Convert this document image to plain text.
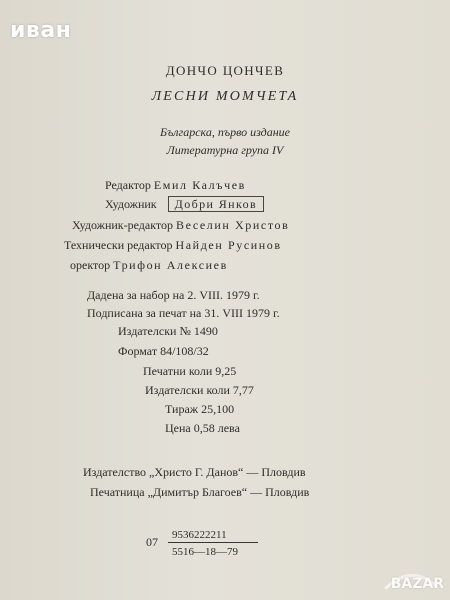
иван
ДОНЧО ЦОНЧЕВ
ЛЕСНИ МОМЧЕТА
Българска, първо издание
Литературна група IV
Редактор Емил Калъчев
Художник Добри Янков
Художник-редактор Веселин Христов
Технически редактор Найден Русинов
оректор Трифон Алексиев
Дадена за набор на 2. VIII. 1979 г.
Подписана за печат на 31. VIII 1979 г.
Издателски № 1490
Формат 84/108/32
Печатни коли 9,25
Издателски коли 7,77
Тираж 25,100
Цена 0,58 лева
Издателство „Христо Г. Данов“ — Пловдив
Печатница „Димитър Благоев“ — Пловдив
07 9536222211
5516—18—79
BAZAR
